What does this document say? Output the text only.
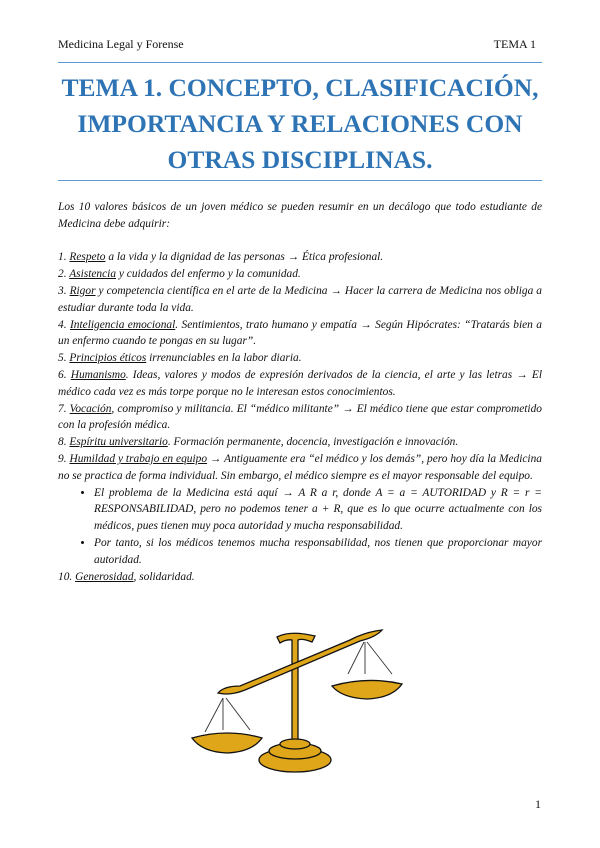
Medicina Legal y Forense	TEMA 1
TEMA 1. CONCEPTO, CLASIFICACIÓN,
IMPORTANCIA Y RELACIONES CON
OTRAS DISCIPLINAS.

Los 10 valores básicos de un joven médico se pueden resumir en un decálogo que todo estudiante de Medicina debe adquirir:

1. Respeto a la vida y la dignidad de las personas → Ética profesional.

2. Asistencia y cuidados del enfermo y la comunidad.

3. Rigor y competencia científica en el arte de la Medicina → Hacer la carrera de Medicina nos obliga a estudiar durante toda la vida.

4. Inteligencia emocional. Sentimientos, trato humano y empatía → Según Hipócrates: “Tratarás bien a un enfermo cuando te pongas en su lugar”.

5. Principios éticos irrenunciables en la labor diaria.

6. Humanismo. Ideas, valores y modos de expresión derivados de la ciencia, el arte y las letras → El médico cada vez es más torpe porque no le interesan estos conocimientos.

7. Vocación, compromiso y militancia. El “médico militante” → El médico tiene que estar comprometido con la profesión médica.

8. Espíritu universitario. Formación permanente, docencia, investigación e innovación.

9. Humildad y trabajo en equipo → Antiguamente era “el médico y los demás”, pero hoy día la Medicina no se practica de forma individual. Sin embargo, el médico siempre es el mayor responsable del equipo.

• El problema de la Medicina está aquí → A R a r, donde A = a = AUTORIDAD y R = r = RESPONSABILIDAD, pero no podemos tener a + R, que es lo que ocurre actualmente con los médicos, pues tienen muy poca autoridad y mucha responsabilidad.
• Por tanto, si los médicos tenemos mucha responsabilidad, nos tienen que proporcionar mayor autoridad.

10. Generosidad, solidaridad.

1
